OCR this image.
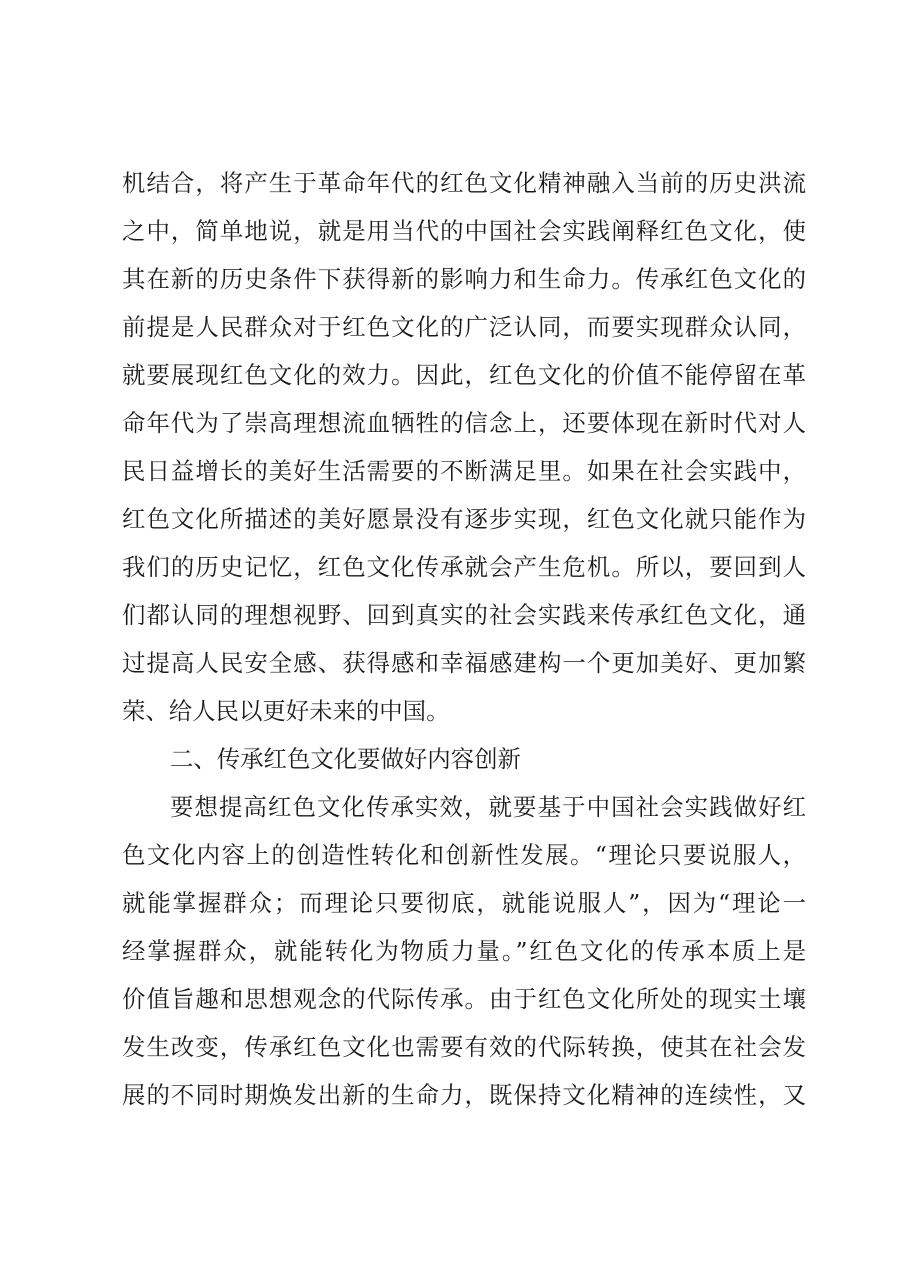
机结合，将产生于革命年代的红色文化精神融入当前的历史洪流
之中，简单地说，就是用当代的中国社会实践阐释红色文化，使
其在新的历史条件下获得新的影响力和生命力。传承红色文化的
前提是人民群众对于红色文化的广泛认同，而要实现群众认同，
就要展现红色文化的效力。因此，红色文化的价值不能停留在革
命年代为了崇高理想流血牺牲的信念上，还要体现在新时代对人
民日益增长的美好生活需要的不断满足里。如果在社会实践中，
红色文化所描述的美好愿景没有逐步实现，红色文化就只能作为
我们的历史记忆，红色文化传承就会产生危机。所以，要回到人
们都认同的理想视野、回到真实的社会实践来传承红色文化，通
过提高人民安全感、获得感和幸福感建构一个更加美好、更加繁
荣、给人民以更好未来的中国。
二、传承红色文化要做好内容创新
要想提高红色文化传承实效，就要基于中国社会实践做好红
色文化内容上的创造性转化和创新性发展。“理论只要说服人，
就能掌握群众；而理论只要彻底，就能说服人”，因为“理论一
经掌握群众，就能转化为物质力量。”红色文化的传承本质上是
价值旨趣和思想观念的代际传承。由于红色文化所处的现实土壤
发生改变，传承红色文化也需要有效的代际转换，使其在社会发
展的不同时期焕发出新的生命力，既保持文化精神的连续性，又
